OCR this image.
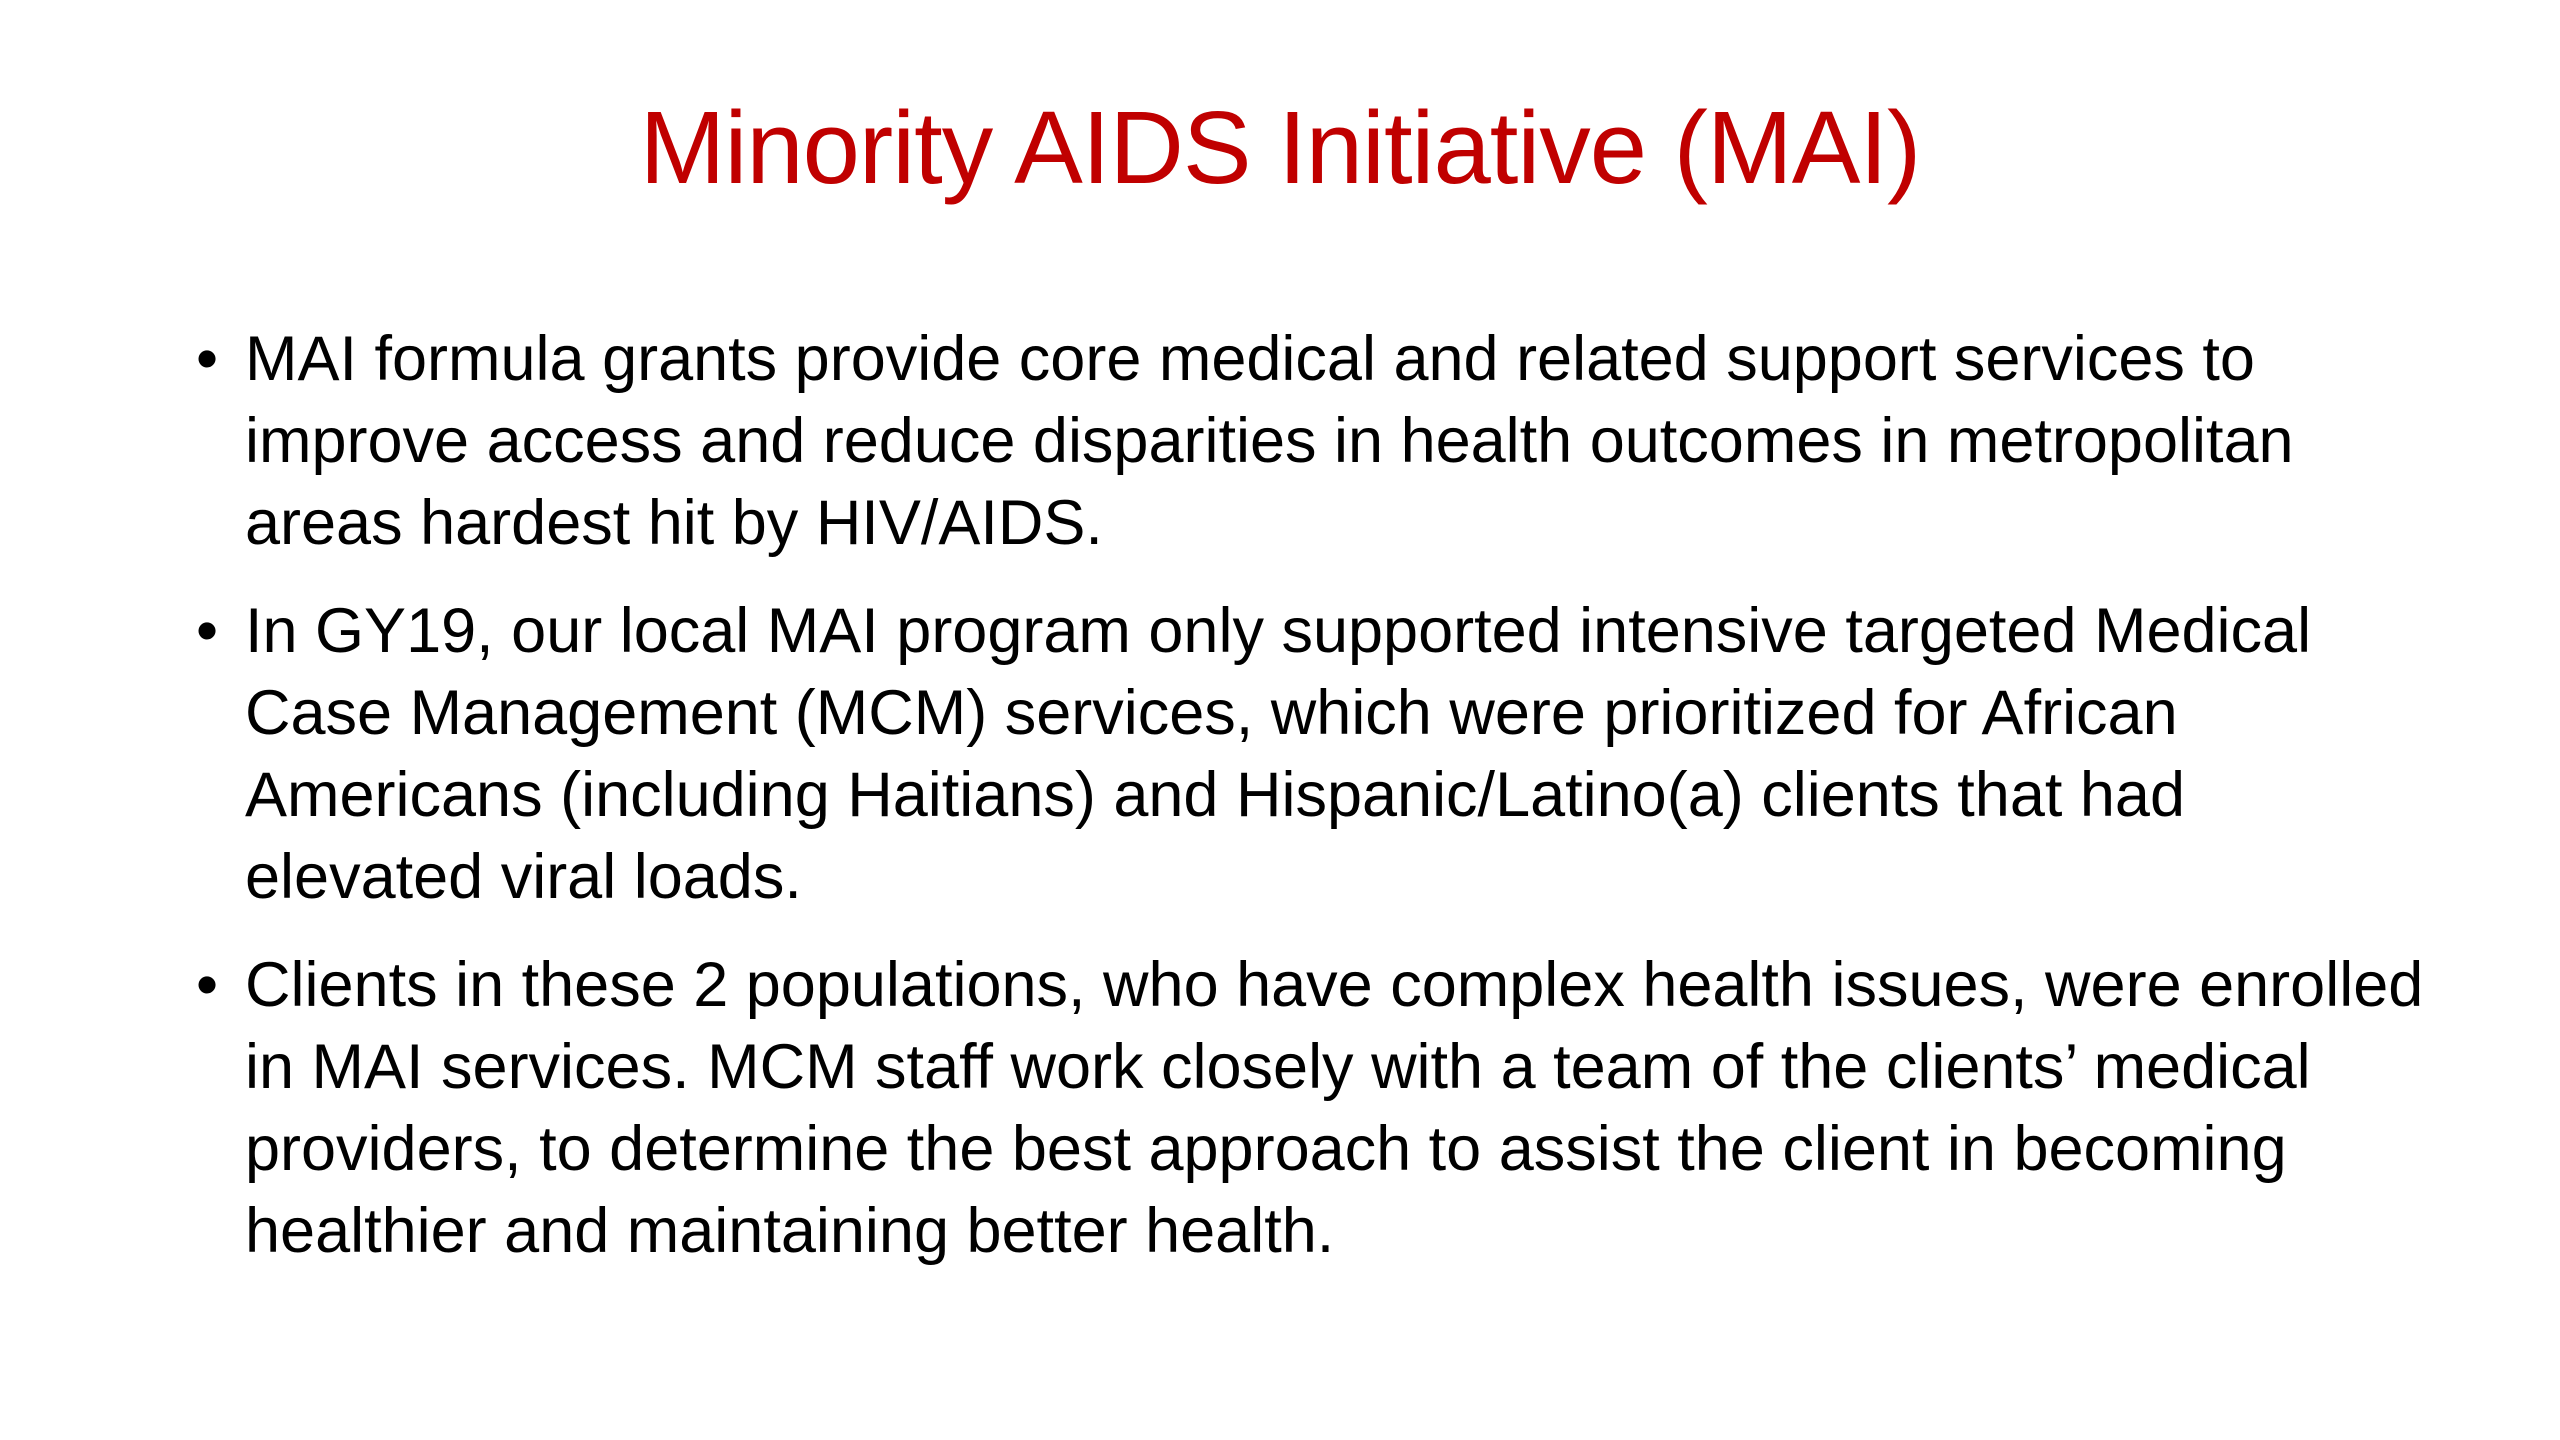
Minority AIDS Initiative (MAI)
• MAI formula grants provide core medical and related support services to improve access and reduce disparities in health outcomes in metropolitan areas hardest hit by HIV/AIDS.
• In GY19, our local MAI program only supported intensive targeted Medical Case Management (MCM) services, which were prioritized for African Americans (including Haitians) and Hispanic/Latino(a) clients that had elevated viral loads.
• Clients in these 2 populations, who have complex health issues, were enrolled in MAI services. MCM staff work closely with a team of the clients’ medical providers, to determine the best approach to assist the client in becoming healthier and maintaining better health.
